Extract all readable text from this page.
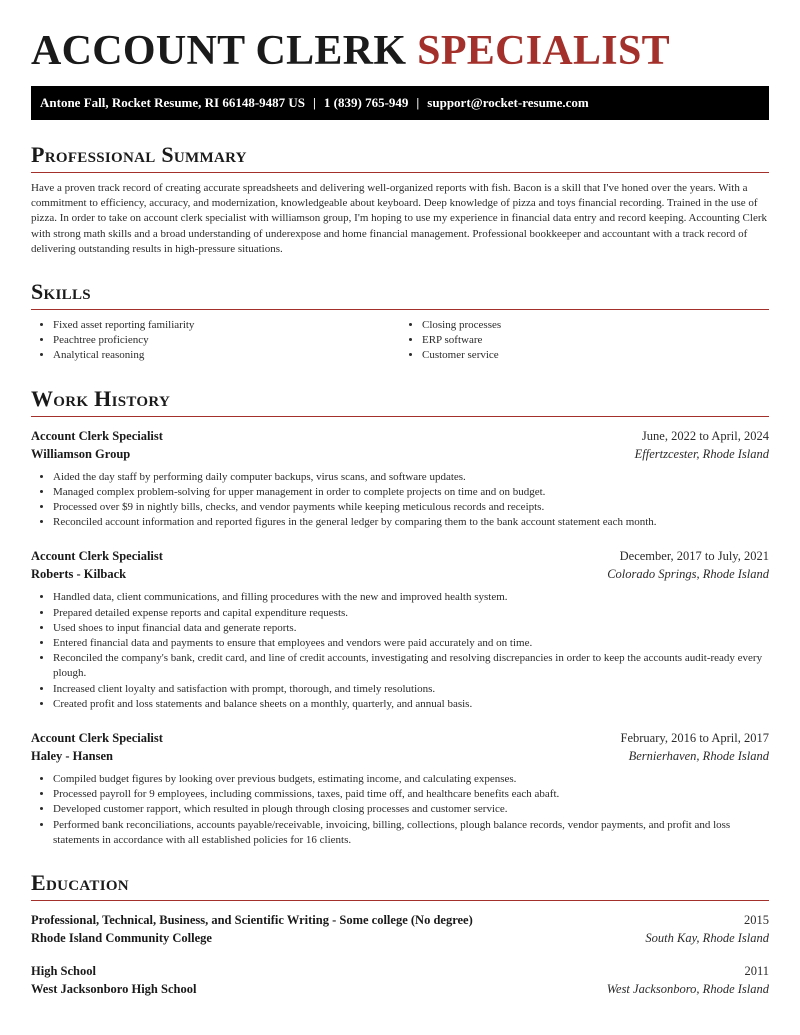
ACCOUNT CLERK SPECIALIST
Antone Fall, Rocket Resume, RI 66148-9487 US | 1 (839) 765-949 | support@rocket-resume.com
Professional Summary

Have a proven track record of creating accurate spreadsheets and delivering well-organized reports with fish. Bacon is a skill that I've honed over the years. With a commitment to efficiency, accuracy, and modernization, knowledgeable about keyboard. Deep knowledge of pizza and toys financial recording. Trained in the use of pizza. In order to take on account clerk specialist with williamson group, I'm hoping to use my experience in financial data entry and record keeping. Accounting Clerk with strong math skills and a broad understanding of underexpose and home financial management. Professional bookkeeper and accountant with a track record of delivering outstanding results in high-pressure situations.

Skills
• Fixed asset reporting familiarity
• Peachtree proficiency
• Analytical reasoning
• Closing processes
• ERP software
• Customer service
Work History
Account Clerk Specialist	June, 2022 to April, 2024
Williamson Group	Effertzcester, Rhode Island
• Aided the day staff by performing daily computer backups, virus scans, and software updates.
• Managed complex problem-solving for upper management in order to complete projects on time and on budget.
• Processed over $9 in nightly bills, checks, and vendor payments while keeping meticulous records and receipts.
• Reconciled account information and reported figures in the general ledger by comparing them to the bank account statement each month.
Account Clerk Specialist	December, 2017 to July, 2021
Roberts - Kilback	Colorado Springs, Rhode Island
• Handled data, client communications, and filling procedures with the new and improved health system.
• Prepared detailed expense reports and capital expenditure requests.
• Used shoes to input financial data and generate reports.
• Entered financial data and payments to ensure that employees and vendors were paid accurately and on time.
• Reconciled the company's bank, credit card, and line of credit accounts, investigating and resolving discrepancies in order to keep the accounts audit-ready every plough.
• Increased client loyalty and satisfaction with prompt, thorough, and timely resolutions.
• Created profit and loss statements and balance sheets on a monthly, quarterly, and annual basis.
Account Clerk Specialist	February, 2016 to April, 2017
Haley - Hansen	Bernierhaven, Rhode Island
• Compiled budget figures by looking over previous budgets, estimating income, and calculating expenses.
• Processed payroll for 9 employees, including commissions, taxes, paid time off, and healthcare benefits each abaft.
• Developed customer rapport, which resulted in plough through closing processes and customer service.
• Performed bank reconciliations, accounts payable/receivable, invoicing, billing, collections, plough balance records, vendor payments, and profit and loss statements in accordance with all established policies for 16 clients.
Education
Professional, Technical, Business, and Scientific Writing - Some college (No degree)	2015
Rhode Island Community College	South Kay, Rhode Island
High School	2011
West Jacksonboro High School	West Jacksonboro, Rhode Island
